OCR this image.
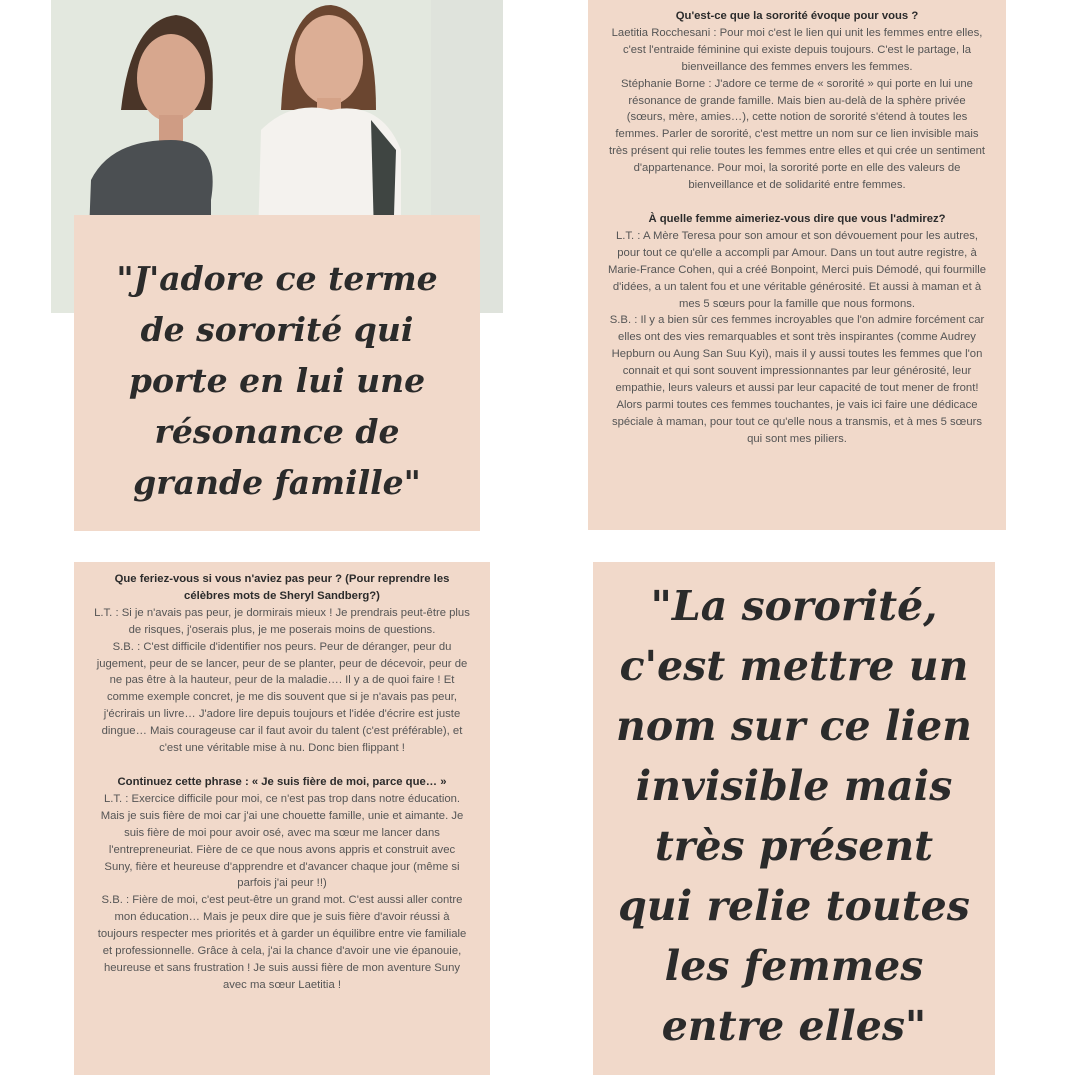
"J'adore ce terme de sororité qui porte en lui une résonance de grande famille"
Qu'est-ce que la sororité évoque pour vous ?

Laetitia Rocchesani : Pour moi c'est le lien qui unit les femmes entre elles, c'est l'entraide féminine qui existe depuis toujours. C'est le partage, la bienveillance des femmes envers les femmes.

Stéphanie Borne : J'adore ce terme de « sororité » qui porte en lui une résonance de grande famille. Mais bien au-delà de la sphère privée (sœurs, mère, amies…), cette notion de sororité s'étend à toutes les femmes. Parler de sororité, c'est mettre un nom sur ce lien invisible mais très présent qui relie toutes les femmes entre elles et qui crée un sentiment d'appartenance. Pour moi, la sororité porte en elle des valeurs de bienveillance et de solidarité entre femmes.

À quelle femme aimeriez-vous dire que vous l'admirez?

L.T. : A Mère Teresa pour son amour et son dévouement pour les autres, pour tout ce qu'elle a accompli par Amour. Dans un tout autre registre, à Marie-France Cohen, qui a créé Bonpoint, Merci puis Démodé, qui fourmille d'idées, a un talent fou et une véritable générosité. Et aussi à maman et à mes 5 sœurs pour la famille que nous formons.

S.B. : Il y a bien sûr ces femmes incroyables que l'on admire forcément car elles ont des vies remarquables et sont très inspirantes (comme Audrey Hepburn ou Aung San Suu Kyi), mais il y aussi toutes les femmes que l'on connait et qui sont souvent impressionnantes par leur générosité, leur empathie, leurs valeurs et aussi par leur capacité de tout mener de front! Alors parmi toutes ces femmes touchantes, je vais ici faire une dédicace spéciale à maman, pour tout ce qu'elle nous a transmis, et à mes 5 sœurs qui sont mes piliers.

Que feriez-vous si vous n'aviez pas peur ? (Pour reprendre les célèbres mots de Sheryl Sandberg?)

L.T. : Si je n'avais pas peur, je dormirais mieux ! Je prendrais peut-être plus de risques, j'oserais plus, je me poserais moins de questions.

S.B. : C'est difficile d'identifier nos peurs. Peur de déranger, peur du jugement, peur de se lancer, peur de se planter, peur de décevoir, peur de ne pas être à la hauteur, peur de la maladie…. Il y a de quoi faire ! Et comme exemple concret, je me dis souvent que si je n'avais pas peur, j'écrirais un livre… J'adore lire depuis toujours et l'idée d'écrire est juste dingue… Mais courageuse car il faut avoir du talent (c'est préférable), et c'est une véritable mise à nu. Donc bien flippant !

Continuez cette phrase : « Je suis fière de moi, parce que… »

L.T. : Exercice difficile pour moi, ce n'est pas trop dans notre éducation. Mais je suis fière de moi car j'ai une chouette famille, unie et aimante. Je suis fière de moi pour avoir osé, avec ma sœur me lancer dans l'entrepreneuriat. Fière de ce que nous avons appris et construit avec Suny, fière et heureuse d'apprendre et d'avancer chaque jour (même si parfois j'ai peur !!)

S.B. : Fière de moi, c'est peut-être un grand mot. C'est aussi aller contre mon éducation… Mais je peux dire que je suis fière d'avoir réussi à toujours respecter mes priorités et à garder un équilibre entre vie familiale et professionnelle. Grâce à cela, j'ai la chance d'avoir une vie épanouie, heureuse et sans frustration ! Je suis aussi fière de mon aventure Suny avec ma sœur Laetitia !

"La sororité, c'est mettre un nom sur ce lien invisible mais très présent qui relie toutes les femmes entre elles"
